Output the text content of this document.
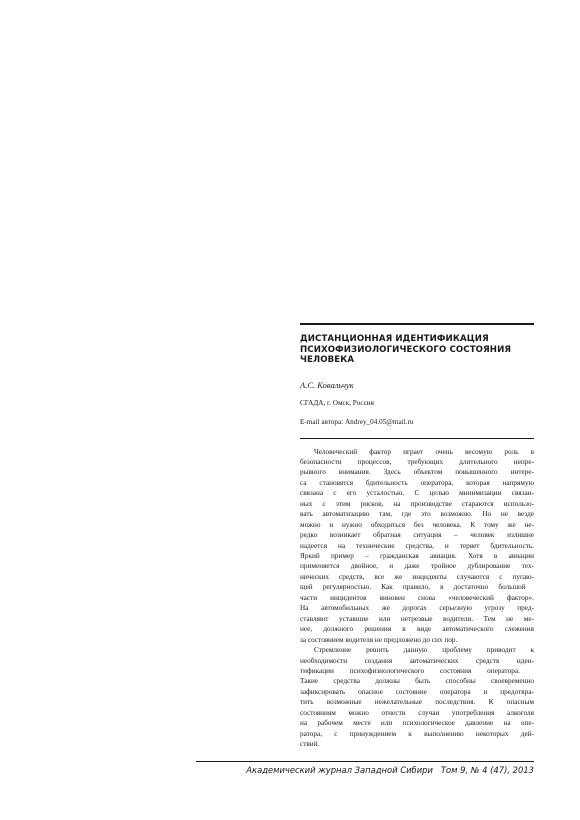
ДИСТАНЦИОННАЯ ИДЕНТИФИКАЦИЯ
ПСИХОФИЗИОЛОГИЧЕСКОГО СОСТОЯНИЯ
ЧЕЛОВЕКА
А.С. Ковальчук
СГАДА, г. Омск, Россия
E-mail автора: Andrey_04.05@mail.ru
Человеческий фактор играет очень весомую роль в
безопасности процессов, требующих длительного непре-
рывного внимания. Здесь объектом повышенного интере-
са становятся бдительность оператора, которая напрямую
связана с его усталостью. С целью минимизации связан-
ных с этим рисков, на производстве стараются использо-
вать автоматизацию там, где это возможно. Но не везде
можно и нужно обходиться без человека. К тому же не-
редко возникает обратная ситуация – человек излишне
надеется на технические средства, и теряет бдительность.
Яркий пример – гражданская авиация. Хотя в авиации
применяется двойное, и даже тройное дублирование тех-
нических средств, все же инциденты случаются с пугаю-
щей регулярностью. Как правило, в достаточно большой
части инцидентов виновен снова «человеческий фактор».
На автомобильных же дорогах серьезную угрозу пред-
ставляют уставшие или нетрезвые водители. Тем не ме-
нее, должного решения в виде автоматического слежения
за состоянием водителя не предложено до сих пор.
Стремление решить данную проблему приводит к
необходимости создания автоматических средств иден-
тификации психофизиологического состояния оператора.
Такие средства должны быть способны своевременно
зафиксировать опасное состояние оператора и предотвра-
тить возможные нежелательные последствия. К опасным
состояниям можно отнести случаи употребления алкоголя
на рабочем месте или психологическое давление на опе-
ратора, с принуждением к выполнению некоторых дей-
ствий.
Академический журнал Западной Сибири Том 9, № 4 (47), 2013
